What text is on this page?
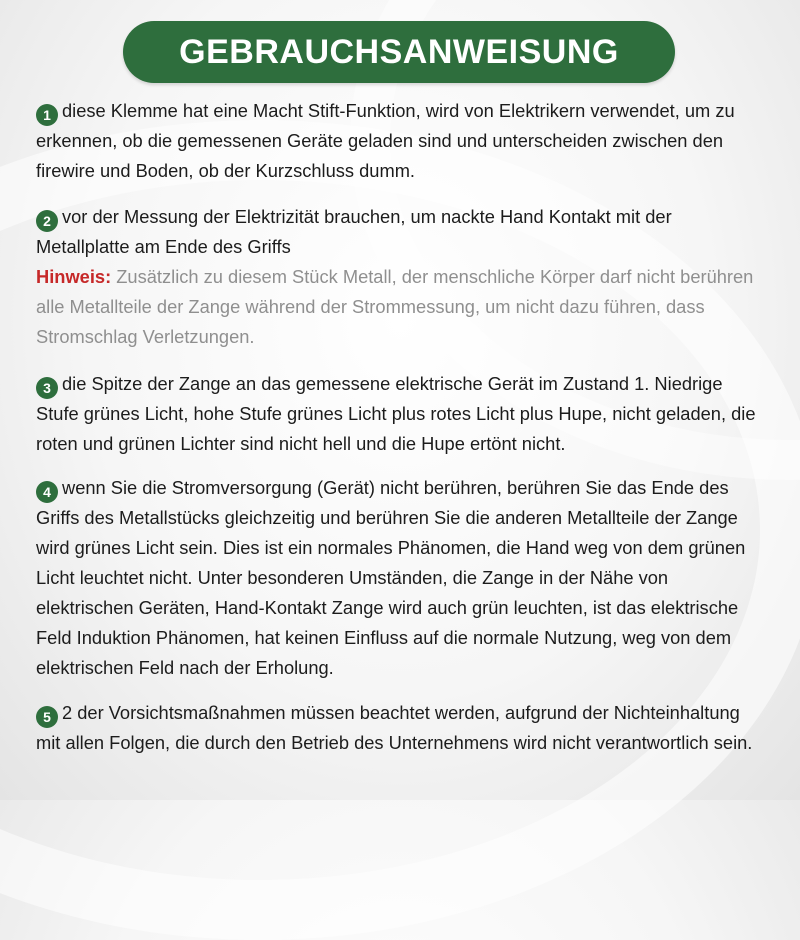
GEBRAUCHSANWEISUNG

1 diese Klemme hat eine Macht Stift-Funktion, wird von Elektrikern verwendet, um zu erkennen, ob die gemessenen Geräte geladen sind und unterscheiden zwischen den firewire und Boden, ob der Kurzschluss dumm.

2 vor der Messung der Elektrizität brauchen, um nackte Hand Kontakt mit der Metallplatte am Ende des Griffs
Hinweis: Zusätzlich zu diesem Stück Metall, der menschliche Körper darf nicht berühren alle Metallteile der Zange während der Strommessung, um nicht dazu führen, dass Stromschlag Verletzungen.

3 die Spitze der Zange an das gemessene elektrische Gerät im Zustand 1. Niedrige Stufe grünes Licht, hohe Stufe grünes Licht plus rotes Licht plus Hupe, nicht geladen, die roten und grünen Lichter sind nicht hell und die Hupe ertönt nicht.

4 wenn Sie die Stromversorgung (Gerät) nicht berühren, berühren Sie das Ende des Griffs des Metallstücks gleichzeitig und berühren Sie die anderen Metallteile der Zange wird grünes Licht sein. Dies ist ein normales Phänomen, die Hand weg von dem grünen Licht leuchtet nicht. Unter besonderen Umständen, die Zange in der Nähe von elektrischen Geräten, Hand-Kontakt Zange wird auch grün leuchten, ist das elektrische Feld Induktion Phänomen, hat keinen Einfluss auf die normale Nutzung, weg von dem elektrischen Feld nach der Erholung.

5 2 der Vorsichtsmaßnahmen müssen beachtet werden, aufgrund der Nichteinhaltung mit allen Folgen, die durch den Betrieb des Unternehmens wird nicht verantwortlich sein.
